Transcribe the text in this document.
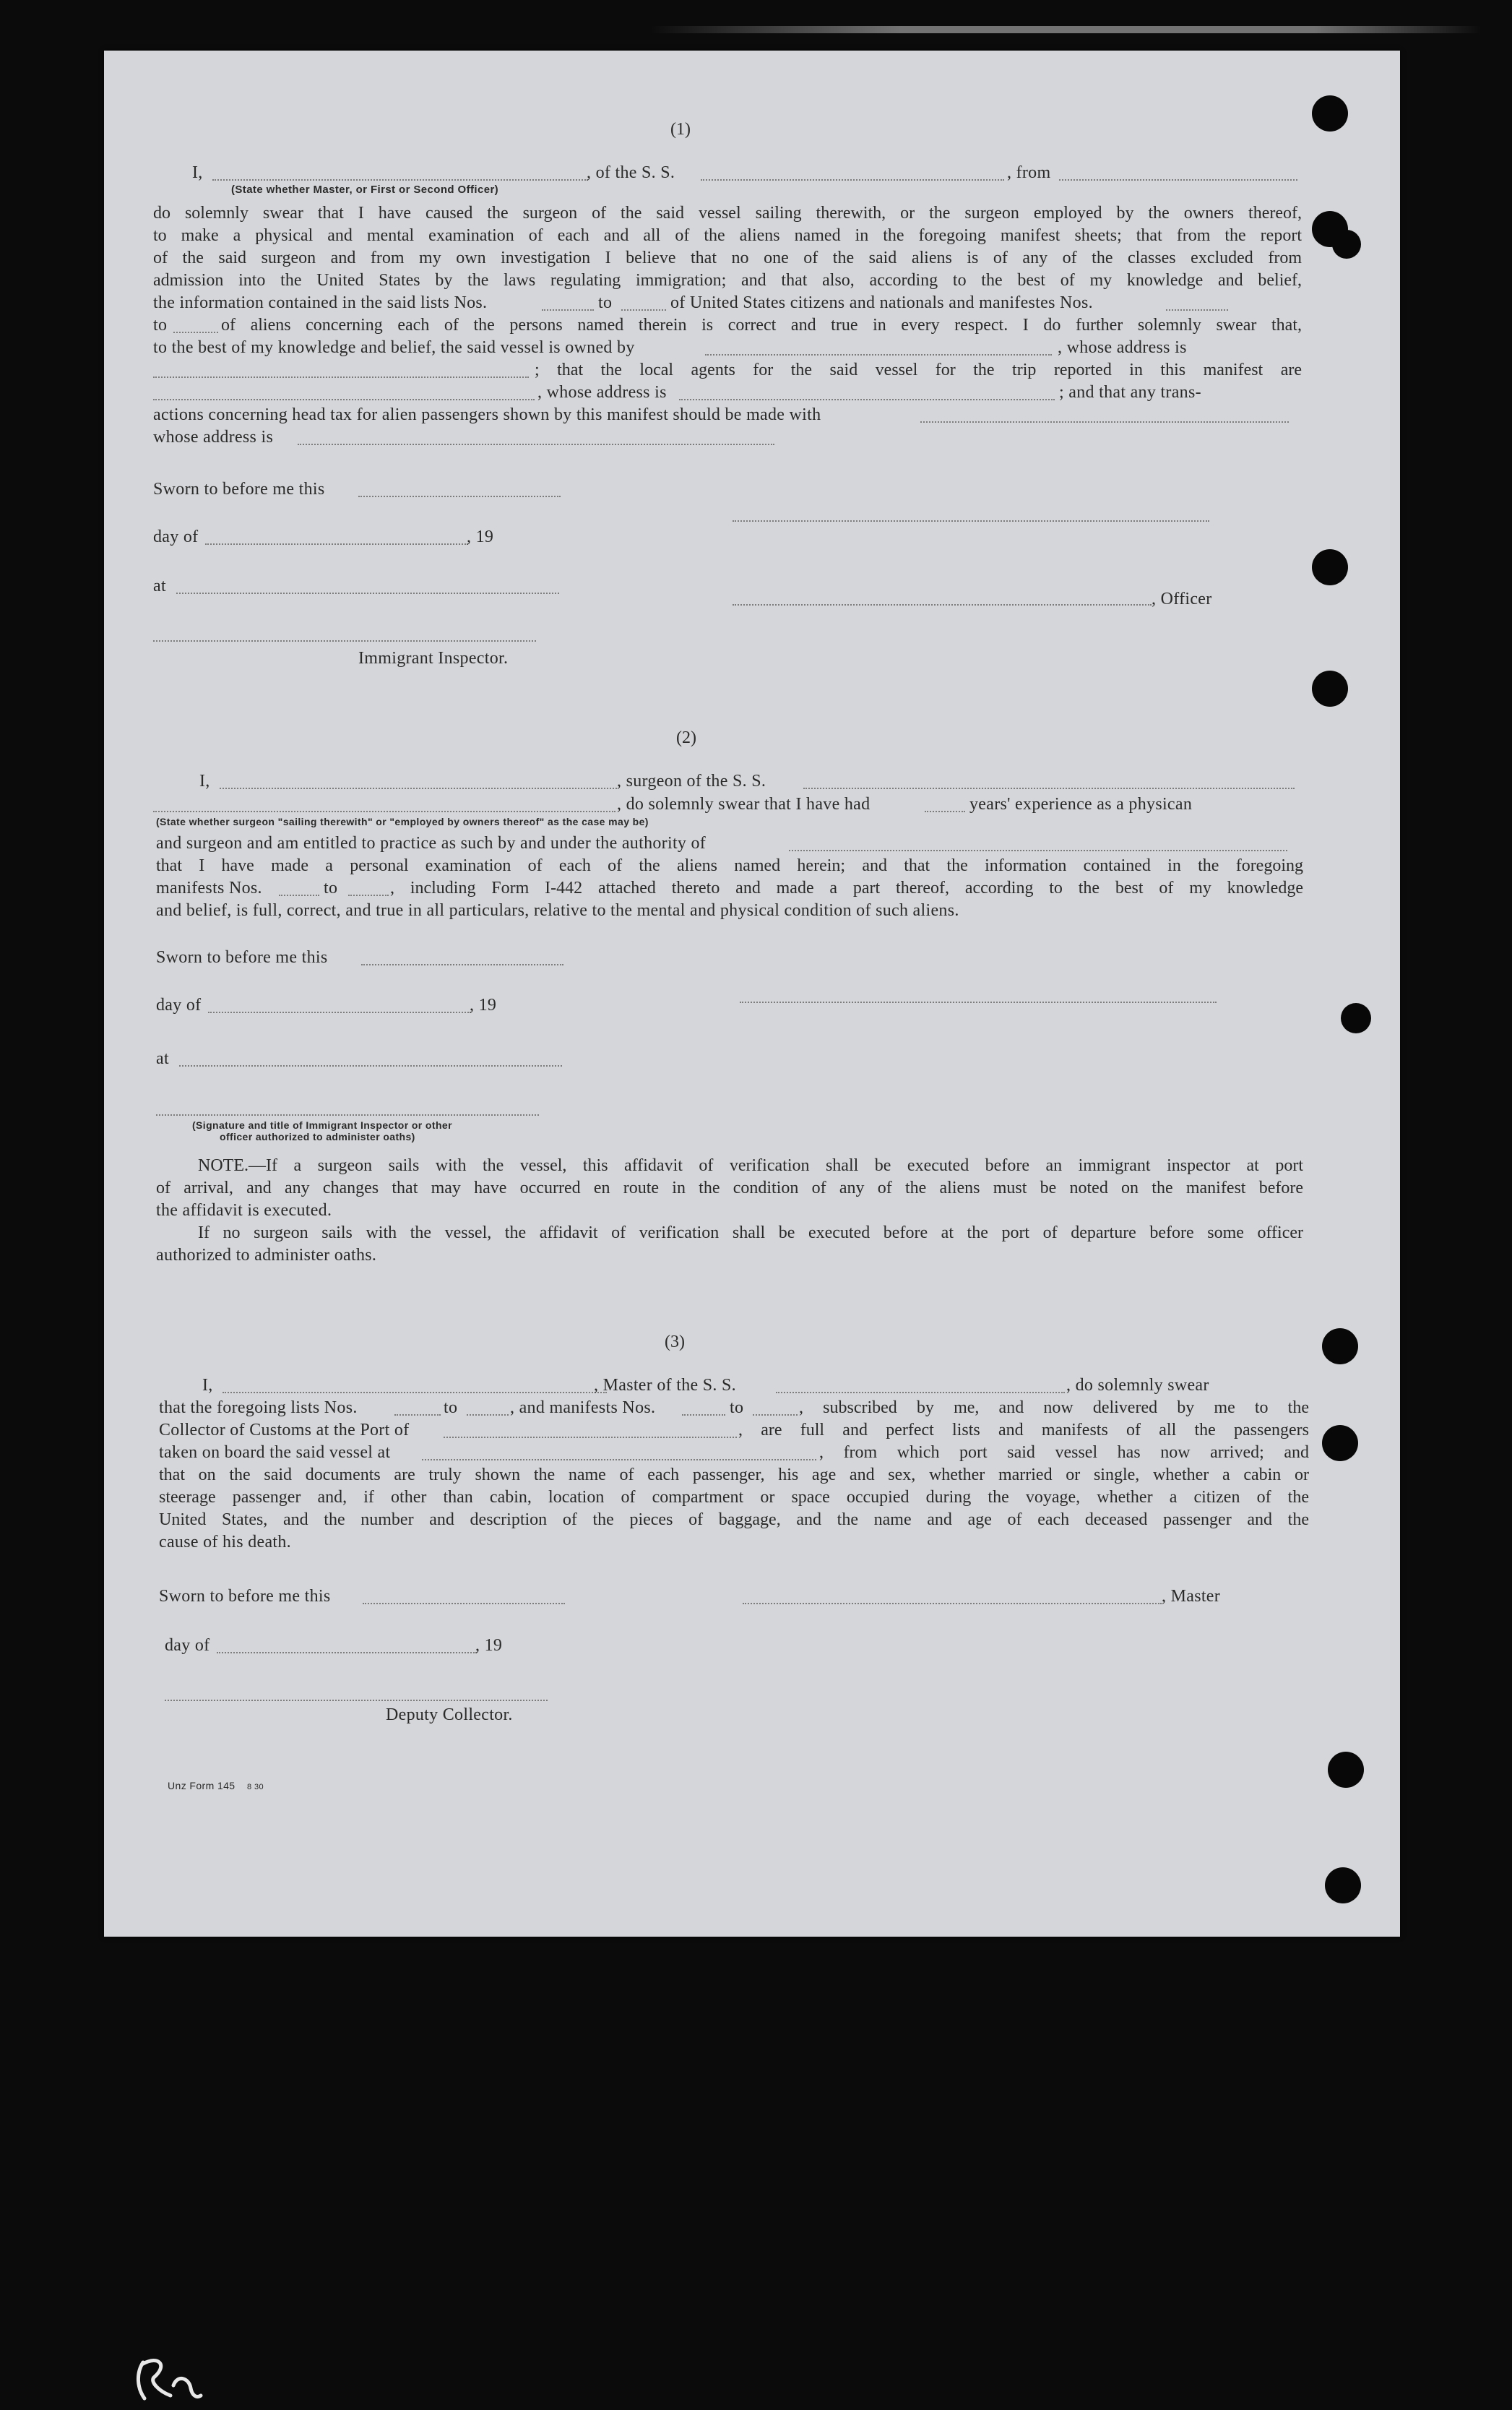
(1)
I,	, of the S. S.	, from
(State whether Master, or First or Second Officer)
do solemnly swear that I have caused the surgeon of the said vessel sailing therewith, or the surgeon employed by the owners thereof,
to make a physical and mental examination of each and all of the aliens named in the foregoing manifest sheets; that from the report
of the said surgeon and from my own investigation I believe that no one of the said aliens is of any of the classes excluded from
admission into the United States by the laws regulating immigration; and that also, according to the best of my knowledge and belief,
the information contained in the said lists Nos.	to	of United States citizens and nationals and manifestes Nos.
to	of aliens concerning each of the persons named therein is correct and true in every respect. I do further solemnly swear that,
to the best of my knowledge and belief, the said vessel is owned by	, whose address is
; that the local agents for the said vessel for the trip reported in this manifest are
, whose address is	; and that any trans-
actions concerning head tax for alien passengers shown by this manifest should be made with
whose address is
Sworn to before me this
day of	, 19
at
, Officer
Immigrant Inspector.
(2)
I,	, surgeon of the S. S.
, do solemnly swear that I have had	years' experience as a physican
(State whether surgeon "sailing therewith" or "employed by owners thereof" as the case may be)
and surgeon and am entitled to practice as such by and under the authority of
that I have made a personal examination of each of the aliens named herein; and that the information contained in the foregoing
manifests Nos.	to	, including Form I-442 attached thereto and made a part thereof, according to the best of my knowledge
and belief, is full, correct, and true in all particulars, relative to the mental and physical condition of such aliens.
Sworn to before me this
day of	, 19
at
(Signature and title of Immigrant Inspector or other
officer authorized to administer oaths)
NOTE.—If a surgeon sails with the vessel, this affidavit of verification shall be executed before an immigrant inspector at port
of arrival, and any changes that may have occurred en route in the condition of any of the aliens must be noted on the manifest before
the affidavit is executed.
If no surgeon sails with the vessel, the affidavit of verification shall be executed before at the port of departure before some officer
authorized to administer oaths.
(3)
I,	, Master of the S. S.	, do solemnly swear
that the foregoing lists Nos.	to	, and manifests Nos.	to	, subscribed by me, and now delivered by me to the
Collector of Customs at the Port of	, are full and perfect lists and manifests of all the passengers
taken on board the said vessel at	, from which port said vessel has now arrived; and
that on the said documents are truly shown the name of each passenger, his age and sex, whether married or single, whether a cabin or
steerage passenger and, if other than cabin, location of compartment or space occupied during the voyage, whether a citizen of the
United States, and the number and description of the pieces of baggage, and the name and age of each deceased passenger and the
cause of his death.
Sworn to before me this	, Master
day of	, 19
Deputy Collector.
Unz Form 145 8 30
